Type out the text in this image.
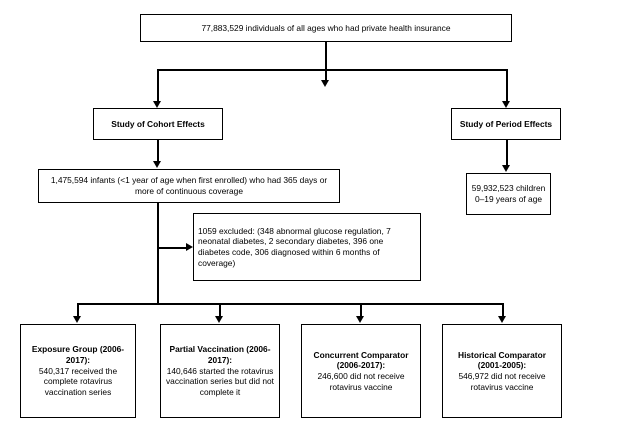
77,883,529 individuals of all ages who had private health insurance
Study of Cohort Effects	Study of Period Effects
1,475,594 infants (<1 year of age when first enrolled) who had 365 days or more of continuous coverage	59,932,523 children 0–19 years of age
1059 excluded: (348 abnormal glucose regulation, 7 neonatal diabetes, 2 secondary diabetes, 396 one diabetes code, 306 diagnosed within 6 months of coverage)
Exposure Group (2006-2017):
540,317 received the complete rotavirus vaccination series
Partial Vaccination (2006-2017):
140,646 started the rotavirus vaccination series but did not complete it
Concurrent Comparator (2006-2017):
246,600 did not receive rotavirus vaccine
Historical Comparator (2001-2005):
546,972 did not receive rotavirus vaccine
